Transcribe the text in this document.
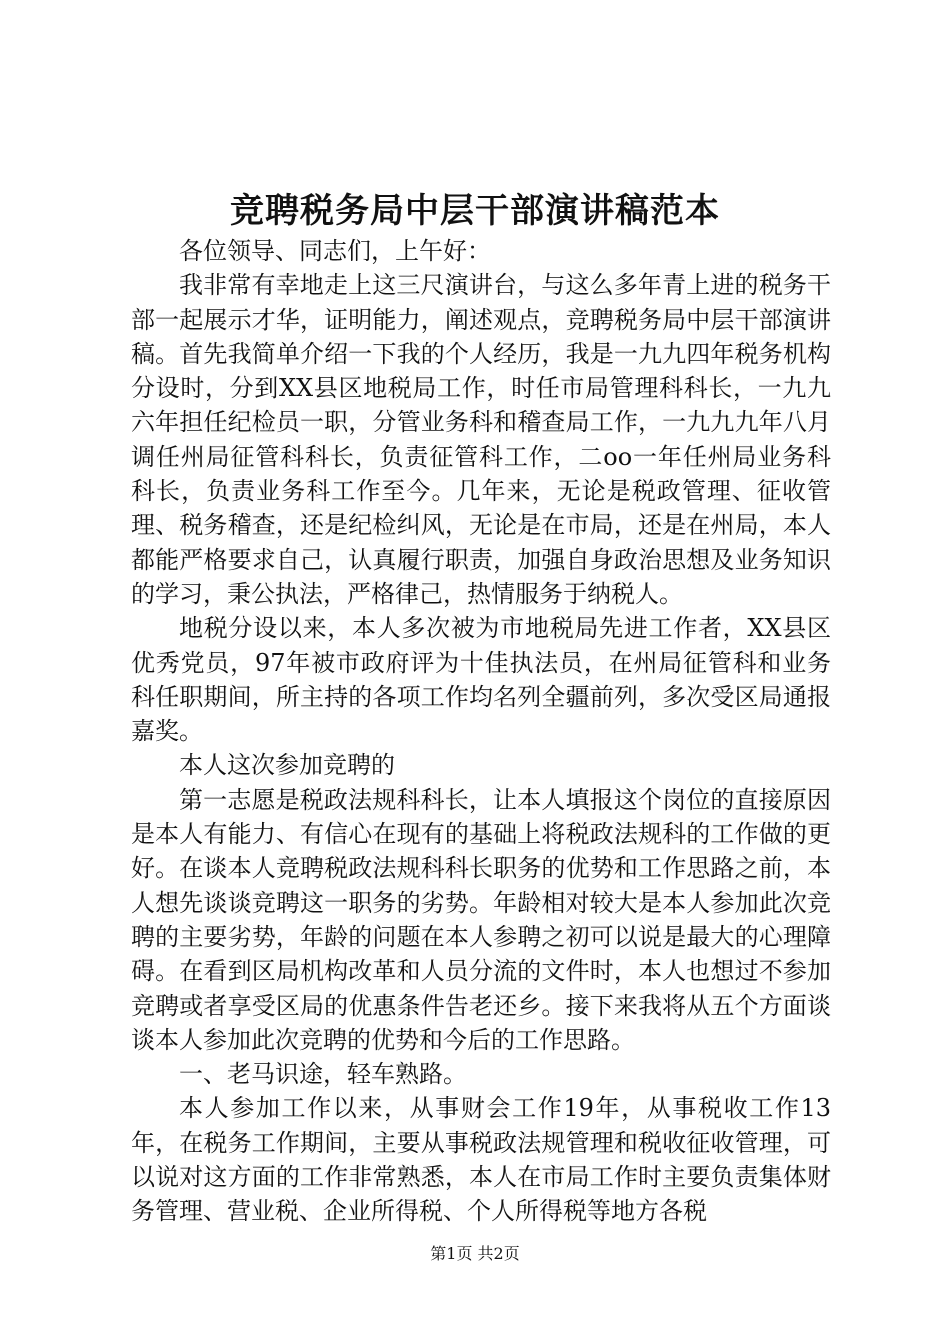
竞聘税务局中层干部演讲稿范本

各位领导、同志们，上午好：

我非常有幸地走上这三尺演讲台，与这么多年青上进的税务干部一起展示才华，证明能力，阐述观点，竞聘税务局中层干部演讲稿。首先我简单介绍一下我的个人经历，我是一九九四年税务机构分设时，分到XX县区地税局工作，时任市局管理科科长，一九九六年担任纪检员一职，分管业务科和稽查局工作，一九九九年八月调任州局征管科科长，负责征管科工作，二oo一年任州局业务科科长，负责业务科工作至今。几年来，无论是税政管理、征收管理、税务稽查，还是纪检纠风，无论是在市局，还是在州局，本人都能严格要求自己，认真履行职责，加强自身政治思想及业务知识的学习，秉公执法，严格律己，热情服务于纳税人。

地税分设以来，本人多次被为市地税局先进工作者，XX县区优秀党员，97年被市政府评为十佳执法员，在州局征管科和业务科任职期间，所主持的各项工作均名列全疆前列，多次受区局通报嘉奖。

本人这次参加竞聘的

第一志愿是税政法规科科长，让本人填报这个岗位的直接原因是本人有能力、有信心在现有的基础上将税政法规科的工作做的更好。在谈本人竞聘税政法规科科长职务的优势和工作思路之前，本人想先谈谈竞聘这一职务的劣势。年龄相对较大是本人参加此次竞聘的主要劣势，年龄的问题在本人参聘之初可以说是最大的心理障碍。在看到区局机构改革和人员分流的文件时，本人也想过不参加竞聘或者享受区局的优惠条件告老还乡。接下来我将从五个方面谈谈本人参加此次竞聘的优势和今后的工作思路。

一、老马识途，轻车熟路。

本人参加工作以来，从事财会工作19年，从事税收工作13年，在税务工作期间，主要从事税政法规管理和税收征收管理，可以说对这方面的工作非常熟悉，本人在市局工作时主要负责集体财务管理、营业税、企业所得税、个人所得税等地方各税

第1页 共2页
